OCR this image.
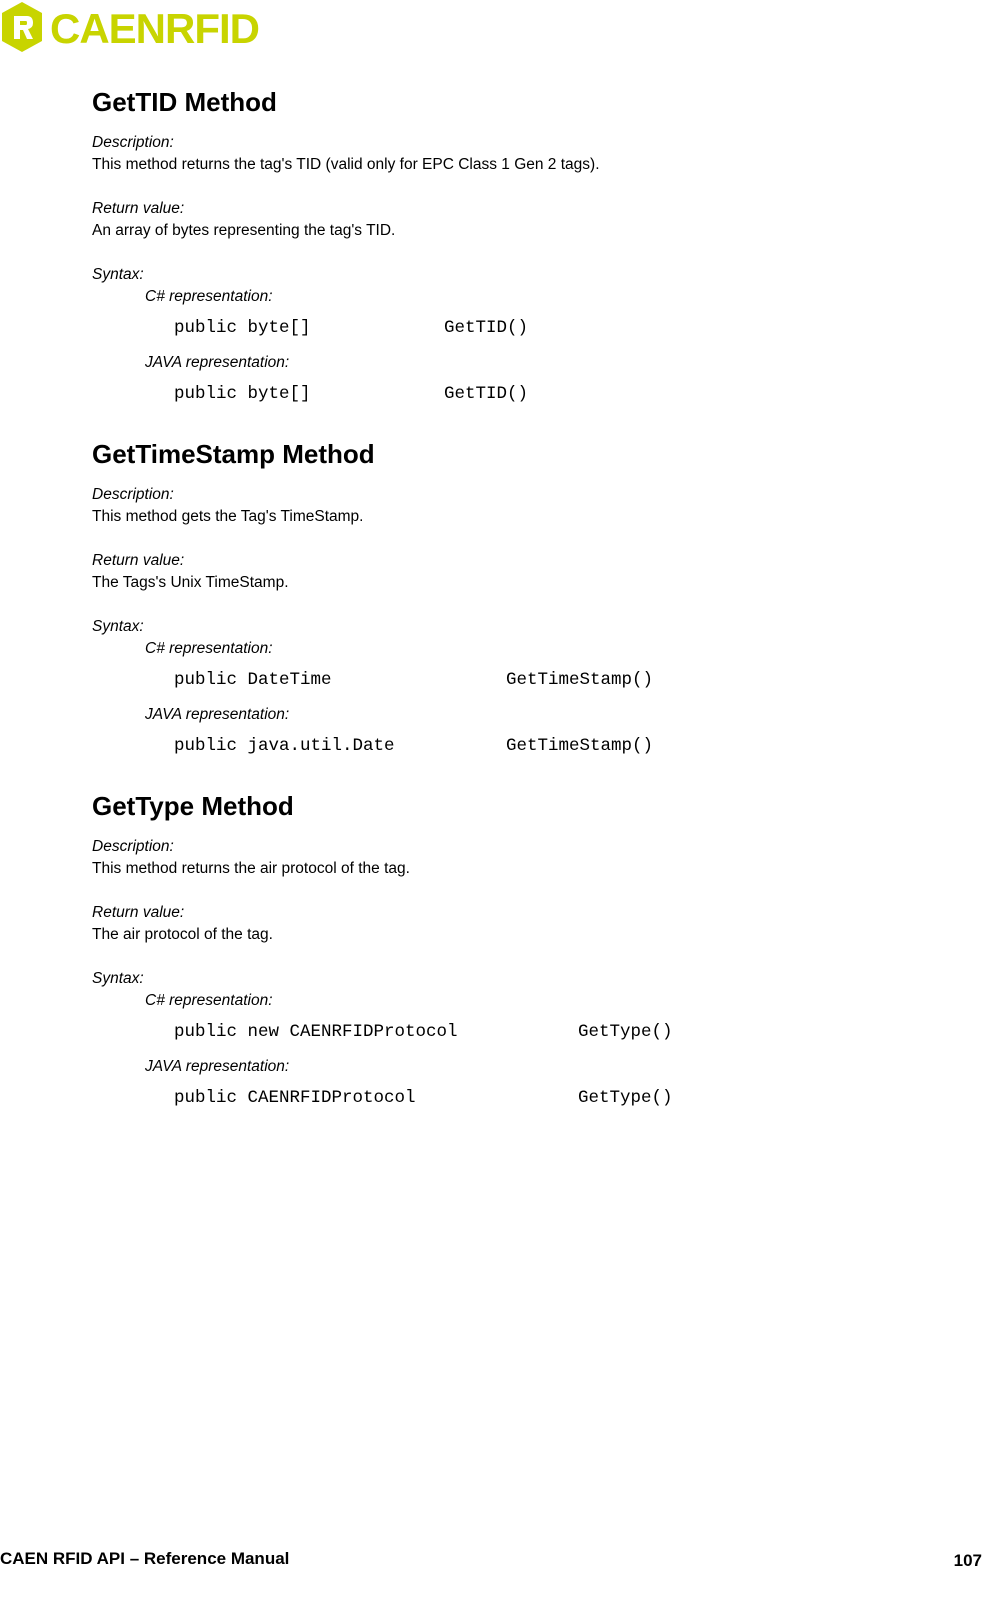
CAENRFID
GetTID Method

Description:

This method returns the tag's TID (valid only for EPC Class 1 Gen 2 tags).

Return value:

An array of bytes representing the tag's TID.

Syntax:

C# representation:

public byte[]

	GetTID()

JAVA representation:

public byte[]

	GetTID()

GetTimeStamp Method

Description:

This method gets the Tag's TimeStamp.

Return value:

The Tags's Unix TimeStamp.

Syntax:

C# representation:

public DateTime

	GetTimeStamp()

JAVA representation:

public java.util.Date

	GetTimeStamp()

GetType Method

Description:

This method returns the air protocol of the tag.

Return value:

The air protocol of the tag.

Syntax:

C# representation:

public new CAENRFIDProtocol

	GetType()

JAVA representation:

public CAENRFIDProtocol

	GetType()

CAEN RFID API – Reference Manual	107
